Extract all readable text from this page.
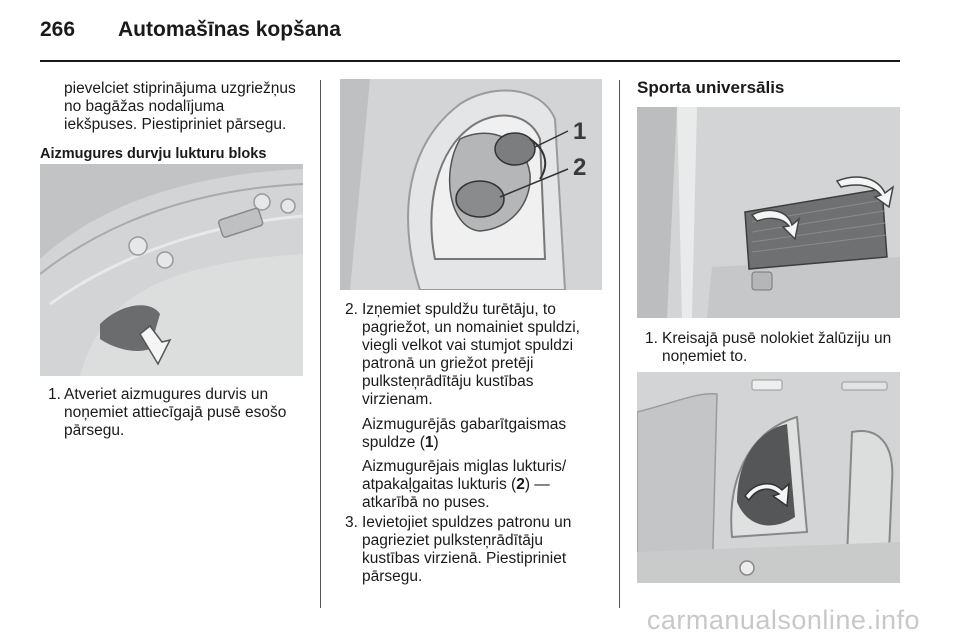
266 Automašīnas kopšana
pievelciet stiprinājuma uzgriežņus
no bagāžas nodalījuma
iekšpuses. Piestipriniet pārsegu.
Aizmugures durvju lukturu bloks
1. Atveriet aizmugures durvis un
noņemiet attiecīgajā pusē esošo
pārsegu.
1
2
2. Izņemiet spuldžu turētāju, to
pagriežot, un nomainiet spuldzi,
viegli velkot vai stumjot spuldzi
patronā un griežot pretēji
pulksteņrādītāju kustības
virzienam.
Aizmugurējās gabarītgaismas
spuldze (1)
Aizmugurējais miglas lukturis/
atpakaļgaitas lukturis (2) —
atkarībā no puses.
3. Ievietojiet spuldzes patronu un
pagrieziet pulksteņrādītāju
kustības virzienā. Piestipriniet
pārsegu.
Sporta universālis
1. Kreisajā pusē nolokiet žalūziju un
noņemiet to.
carmanualsonline.info
